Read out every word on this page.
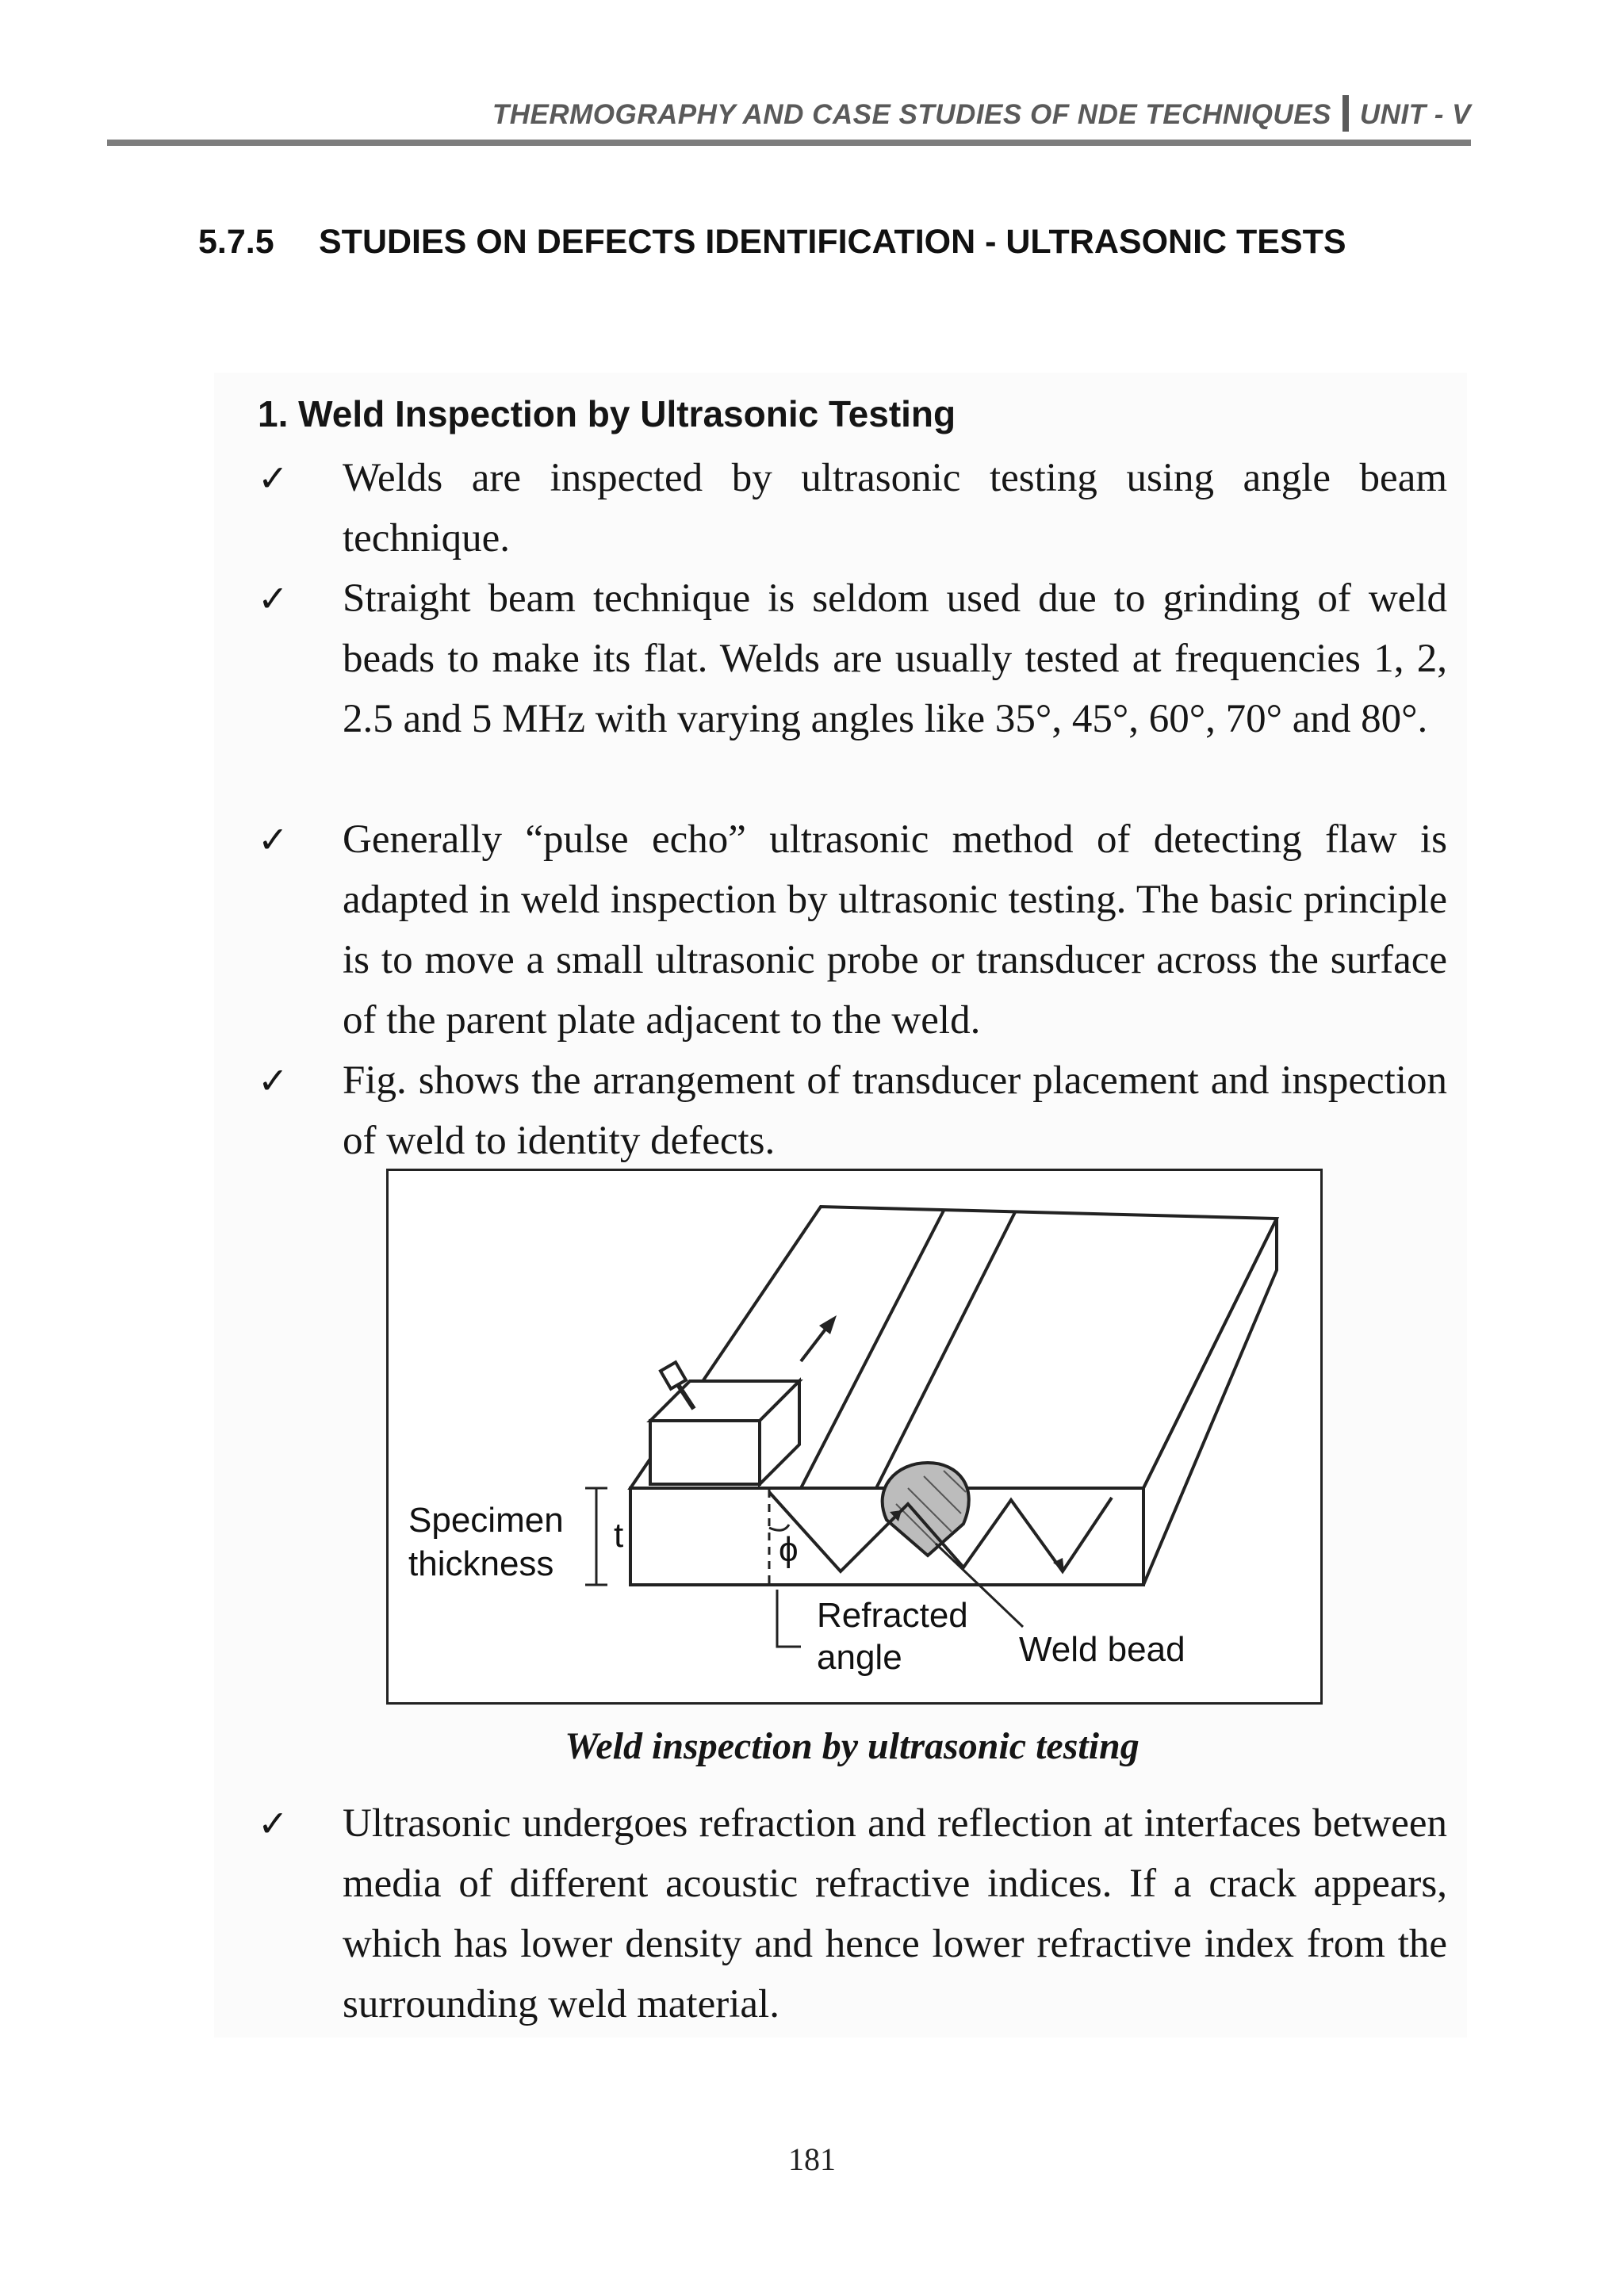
THERMOGRAPHY AND CASE STUDIES OF NDE TECHNIQUES UNIT - V
5.7.5 STUDIES ON DEFECTS IDENTIFICATION - ULTRASONIC TESTS
1. Weld Inspection by Ultrasonic Testing
✓	Welds are inspected by ultrasonic testing using angle beam technique.
✓	Straight beam technique is seldom used due to grinding of weld beads to make its flat. Welds are usually tested at frequencies 1, 2, 2.5 and 5 MHz with varying angles like 35°, 45°, 60°, 70° and 80°.
✓	Generally “pulse echo” ultrasonic method of detecting flaw is adapted in weld inspection by ultrasonic testing. The basic principle is to move a small ultrasonic probe or transducer across the surface of the parent plate adjacent to the weld.
✓	Fig. shows the arrangement of transducer placement and inspection of weld to identity defects.
Specimen
thickness
t	ϕ
Refracted
angle	Weld bead
Weld inspection by ultrasonic testing
✓	Ultrasonic undergoes refraction and reflection at interfaces between media of different acoustic refractive indices. If a crack appears, which has lower density and hence lower refractive index from the surrounding weld material.
181
